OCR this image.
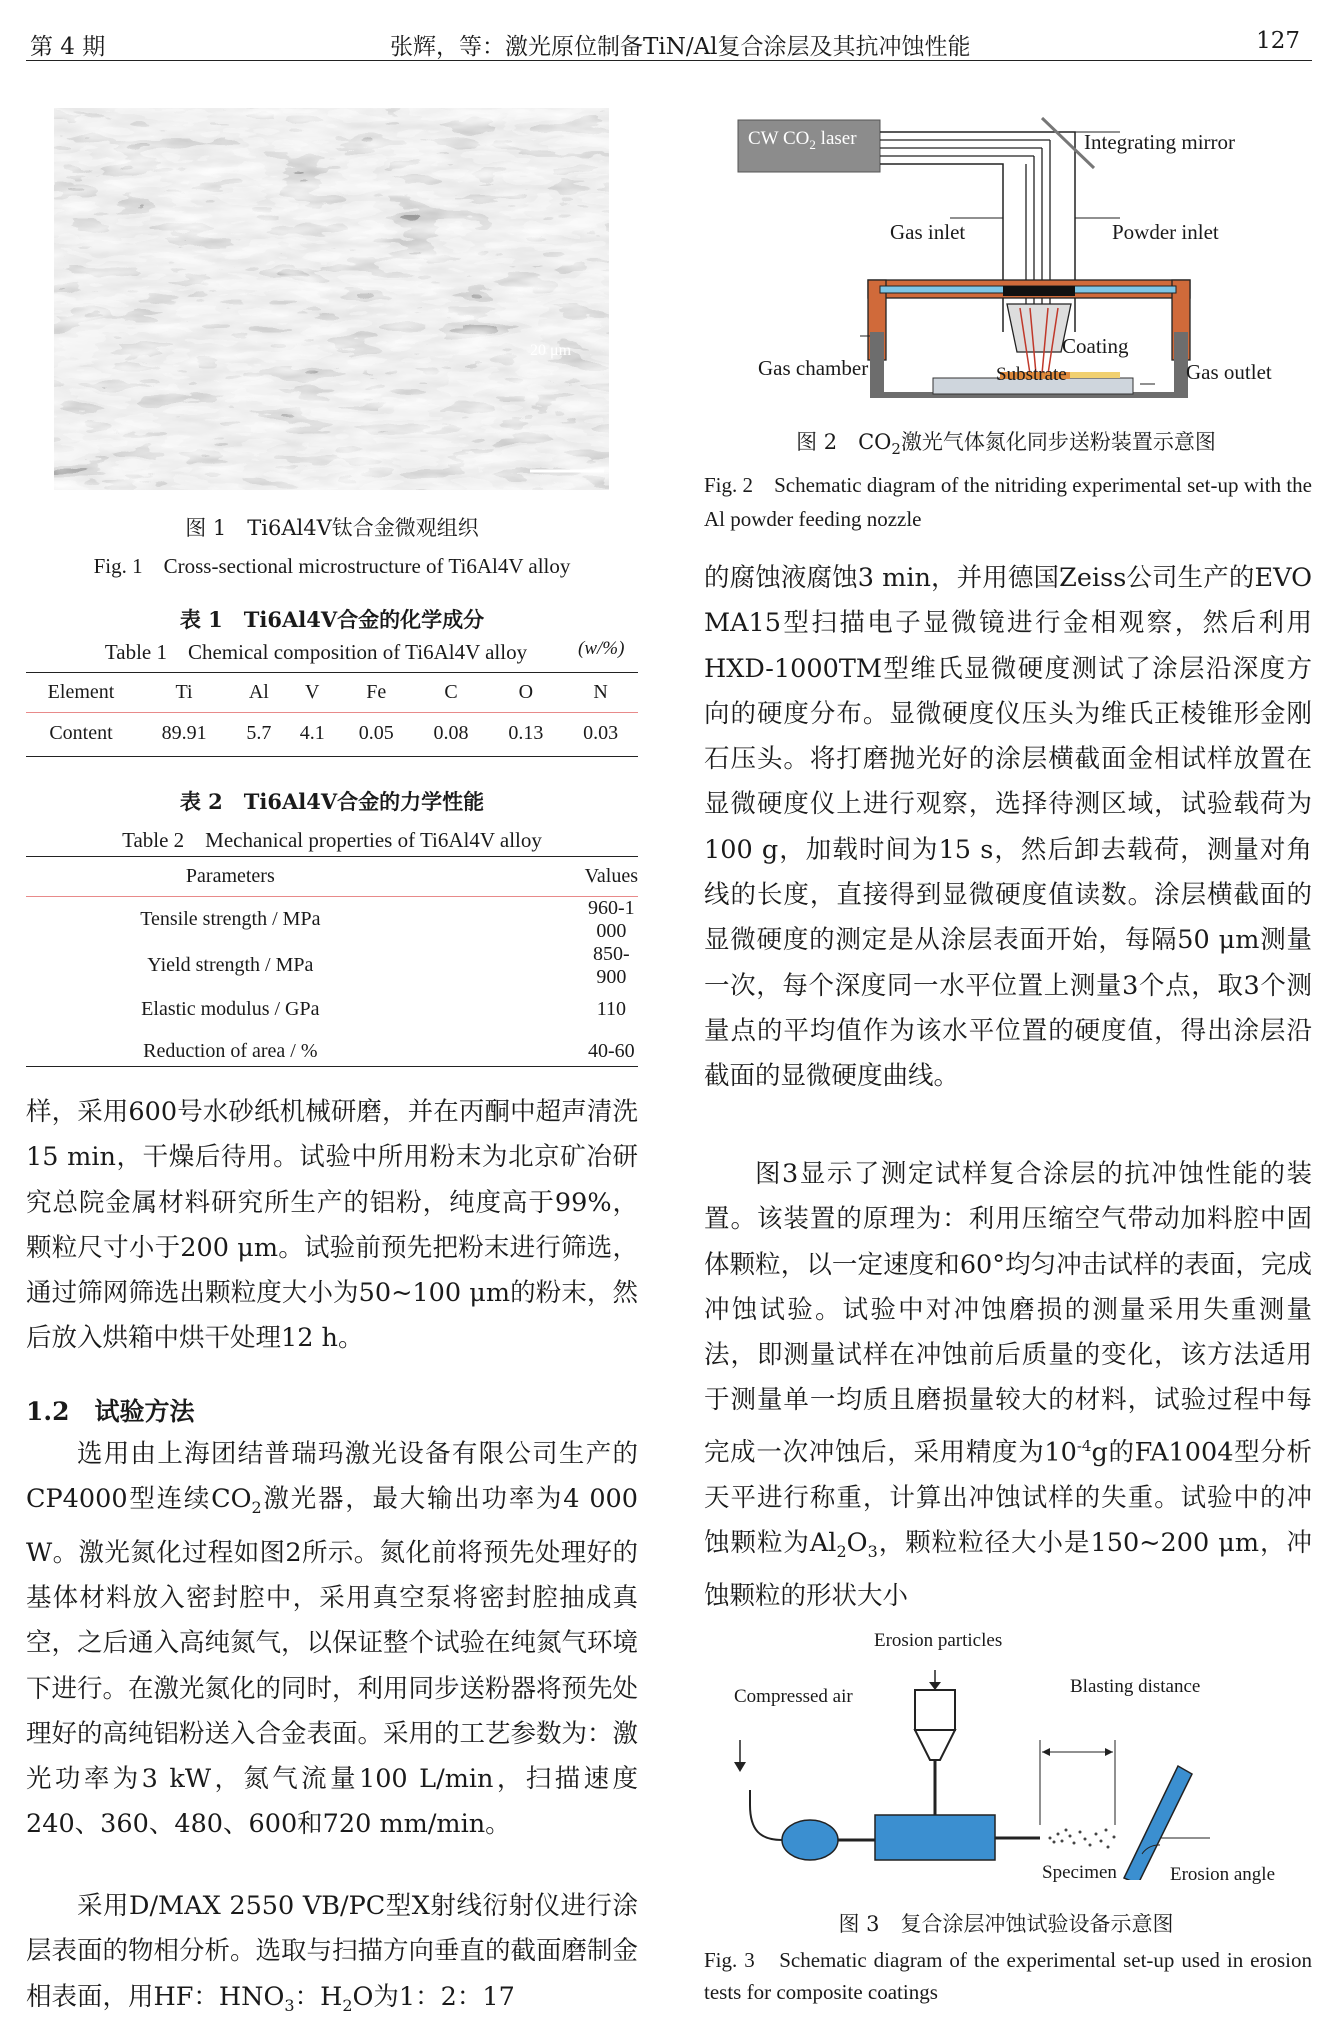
第 4 期	张辉，等：激光原位制备TiN/Al复合涂层及其抗冲蚀性能	127
20 μm
图 1　Ti6Al4V钛合金微观组织
Fig. 1　Cross-sectional microstructure of Ti6Al4V alloy
表 1　Ti6Al4V合金的化学成分
Table 1　Chemical composition of Ti6Al4V alloy	(w/%)
Element	Ti	Al	V	Fe	C	O	N
Content	89.91	5.7	4.1	0.05	0.08	0.13	0.03
表 2　Ti6Al4V合金的力学性能
Table 2　Mechanical properties of Ti6Al4V alloy
Parameters	Values
Tensile strength / MPa	960-1 000
Yield strength / MPa	850-900
Elastic modulus / GPa	110
Reduction of area / %	40-60

样，采用600号水砂纸机械研磨，并在丙酮中超声清洗15 min，干燥后待用。试验中所用粉末为北京矿冶研究总院金属材料研究所生产的铝粉，纯度高于99%，颗粒尺寸小于200 μm。试验前预先把粉末进行筛选，通过筛网筛选出颗粒度大小为50~100 μm的粉末，然后放入烘箱中烘干处理12 h。

1.2　试验方法

选用由上海团结普瑞玛激光设备有限公司生产的CP4000型连续$CO_2$激光器，最大输出功率为4 000 W。激光氮化过程如图2所示。氮化前将预先处理好的基体材料放入密封腔中，采用真空泵将密封腔抽成真空，之后通入高纯氮气，以保证整个试验在纯氮气环境下进行。在激光氮化的同时，利用同步送粉器将预先处理好的高纯铝粉送入合金表面。采用的工艺参数为：激光功率为3 kW，氮气流量100 L/min，扫描速度240、360、480、600和720 mm/min。

采用D/MAX 2550 VB/PC型X射线衍射仪进行涂层表面的物相分析。选取与扫描方向垂直的截面磨制金相表面，用HF：$HNO_3$：$H_2O$为1：2：17

CW $CO_2$ laser	Integrating mirror
Gas inlet	Powder inlet
Coating
Gas chamber	Substrate	Gas outlet
图 2　$CO_2$激光气体氮化同步送粉装置示意图
Fig. 2　Schematic diagram of the nitriding experimental set-up with the Al powder feeding nozzle

的腐蚀液腐蚀3 min，并用德国Zeiss公司生产的EVO MA15型扫描电子显微镜进行金相观察，然后利用HXD-1000TM型维氏显微硬度测试了涂层沿深度方向的硬度分布。显微硬度仪压头为维氏正棱锥形金刚石压头。将打磨抛光好的涂层横截面金相试样放置在显微硬度仪上进行观察，选择待测区域，试验载荷为100 g，加载时间为15 s，然后卸去载荷，测量对角线的长度，直接得到显微硬度值读数。涂层横截面的显微硬度的测定是从涂层表面开始，每隔50 μm测量一次，每个深度同一水平位置上测量3个点，取3个测量点的平均值作为该水平位置的硬度值，得出涂层沿截面的显微硬度曲线。

图3显示了测定试样复合涂层的抗冲蚀性能的装置。该装置的原理为：利用压缩空气带动加料腔中固体颗粒，以一定速度和60°均匀冲击试样的表面，完成冲蚀试验。试验中对冲蚀磨损的测量采用失重测量法，即测量试样在冲蚀前后质量的变化，该方法适用于测量单一均质且磨损量较大的材料，试验过程中每完成一次冲蚀后，采用精度为$10^{-4}g$的FA1004型分析天平进行称重，计算出冲蚀试样的失重。试验中的冲蚀颗粒为$Al_2O_3$，颗粒粒径大小是150~200 μm，冲蚀颗粒的形状大小

Erosion particles
Compressed air	Blasting distance
Specimen	Erosion angle
图 3　复合涂层冲蚀试验设备示意图
Fig. 3　Schematic diagram of the experimental set-up used in erosion tests for composite coatings
